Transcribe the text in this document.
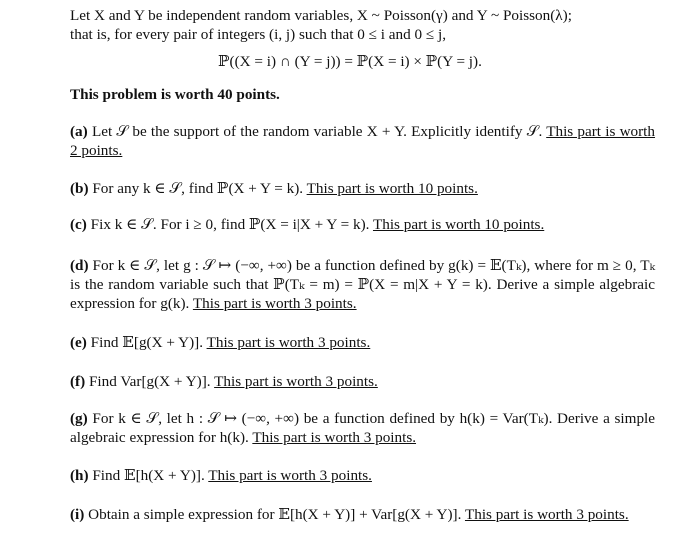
Let X and Y be independent random variables, X ~ Poisson(γ) and Y ~ Poisson(λ);

that is, for every pair of integers (i, j) such that 0 ≤ i and 0 ≤ j,

ℙ((X = i) ∩ (Y = j)) = ℙ(X = i) × ℙ(Y = j).

This problem is worth 40 points.

(a) Let 𝒮 be the support of the random variable X + Y. Explicitly identify 𝒮. This part is worth 2 points.

(b) For any k ∈ 𝒮, find ℙ(X + Y = k). This part is worth 10 points.

(c) Fix k ∈ 𝒮. For i ≥ 0, find ℙ(X = i|X + Y = k). This part is worth 10 points.

(d) For k ∈ 𝒮, let g : 𝒮 ↦ (−∞, +∞) be a function defined by g(k) = 𝔼(Tₖ), where for m ≥ 0, Tₖ is the random variable such that ℙ(Tₖ = m) = ℙ(X = m|X + Y = k). Derive a simple algebraic expression for g(k). This part is worth 3 points.

(e) Find 𝔼[g(X + Y)]. This part is worth 3 points.

(f) Find Var[g(X + Y)]. This part is worth 3 points.

(g) For k ∈ 𝒮, let h : 𝒮 ↦ (−∞, +∞) be a function defined by h(k) = Var(Tₖ). Derive a simple algebraic expression for h(k). This part is worth 3 points.

(h) Find 𝔼[h(X + Y)]. This part is worth 3 points.

(i) Obtain a simple expression for 𝔼[h(X + Y)] + Var[g(X + Y)]. This part is worth 3 points.
